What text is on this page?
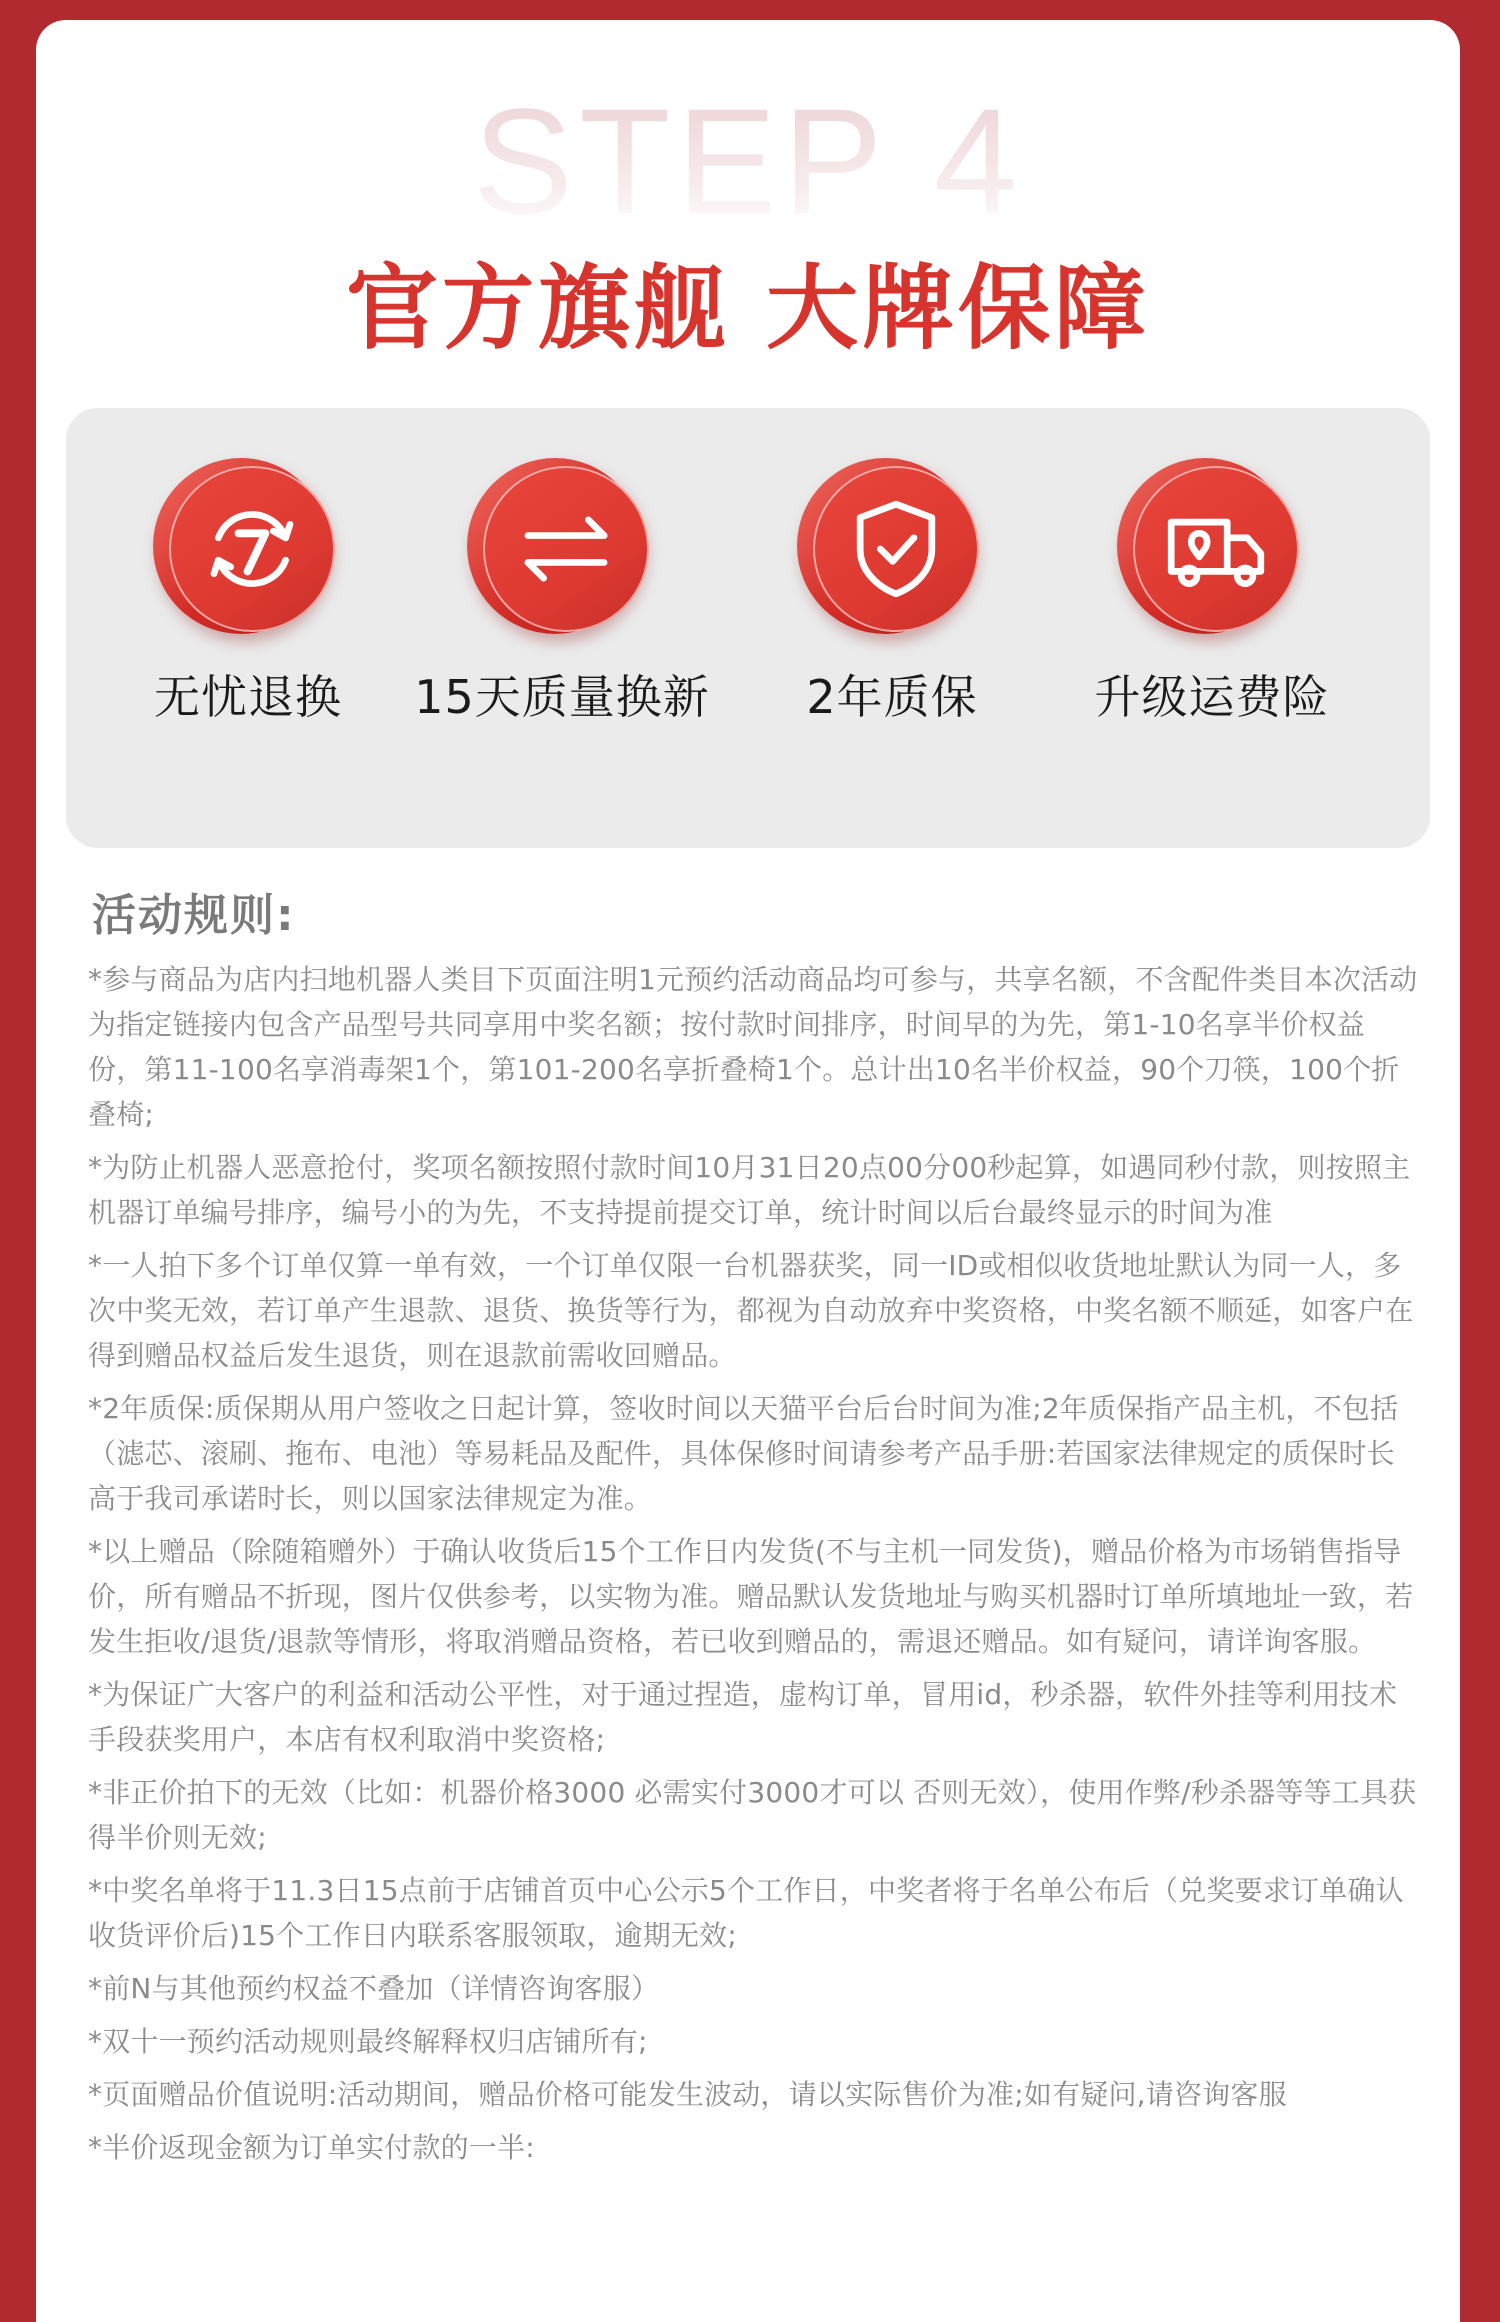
STEP 4
官方旗舰 大牌保障
无忧退换	15天质量换新	2年质保	升级运费险
活动规则:

*参与商品为店内扫地机器人类目下页面注明1元预约活动商品均可参与，共享名额，不含配件类目本次活动为指定链接内包含产品型号共同享用中奖名额；按付款时间排序，时间早的为先，第1-10名享半价权益份，第11-100名享消毒架1个，第101-200名享折叠椅1个。总计出10名半价权益，90个刀筷，100个折叠椅;

*为防止机器人恶意抢付，奖项名额按照付款时间10月31日20点00分00秒起算，如遇同秒付款，则按照主机器订单编号排序，编号小的为先，不支持提前提交订单，统计时间以后台最终显示的时间为准

*一人拍下多个订单仅算一单有效，一个订单仅限一台机器获奖，同一ID或相似收货地址默认为同一人，多次中奖无效，若订单产生退款、退货、换货等行为，都视为自动放弃中奖资格，中奖名额不顺延，如客户在得到赠品权益后发生退货，则在退款前需收回赠品。

*2年质保:质保期从用户签收之日起计算，签收时间以天猫平台后台时间为准;2年质保指产品主机，不包括（滤芯、滚刷、拖布、电池）等易耗品及配件，具体保修时间请参考产品手册:若国家法律规定的质保时长高于我司承诺时长，则以国家法律规定为准。

*以上赠品（除随箱赠外）于确认收货后15个工作日内发货(不与主机一同发货)，赠品价格为市场销售指导价，所有赠品不折现，图片仅供参考，以实物为准。赠品默认发货地址与购买机器时订单所填地址一致，若发生拒收/退货/退款等情形，将取消赠品资格，若已收到赠品的，需退还赠品。如有疑问，请详询客服。

*为保证广大客户的利益和活动公平性，对于通过捏造，虚构订单，冒用id，秒杀器，软件外挂等利用技术手段获奖用户，本店有权利取消中奖资格;

*非正价拍下的无效（比如：机器价格3000 必需实付3000才可以 否则无效），使用作弊/秒杀器等等工具获得半价则无效;

*中奖名单将于11.3日15点前于店铺首页中心公示5个工作日，中奖者将于名单公布后（兑奖要求订单确认收货评价后)15个工作日内联系客服领取，逾期无效;

*前N与其他预约权益不叠加（详情咨询客服）

*双十一预约活动规则最终解释权归店铺所有;

*页面赠品价值说明:活动期间，赠品价格可能发生波动，请以实际售价为准;如有疑问,请咨询客服

*半价返现金额为订单实付款的一半:
